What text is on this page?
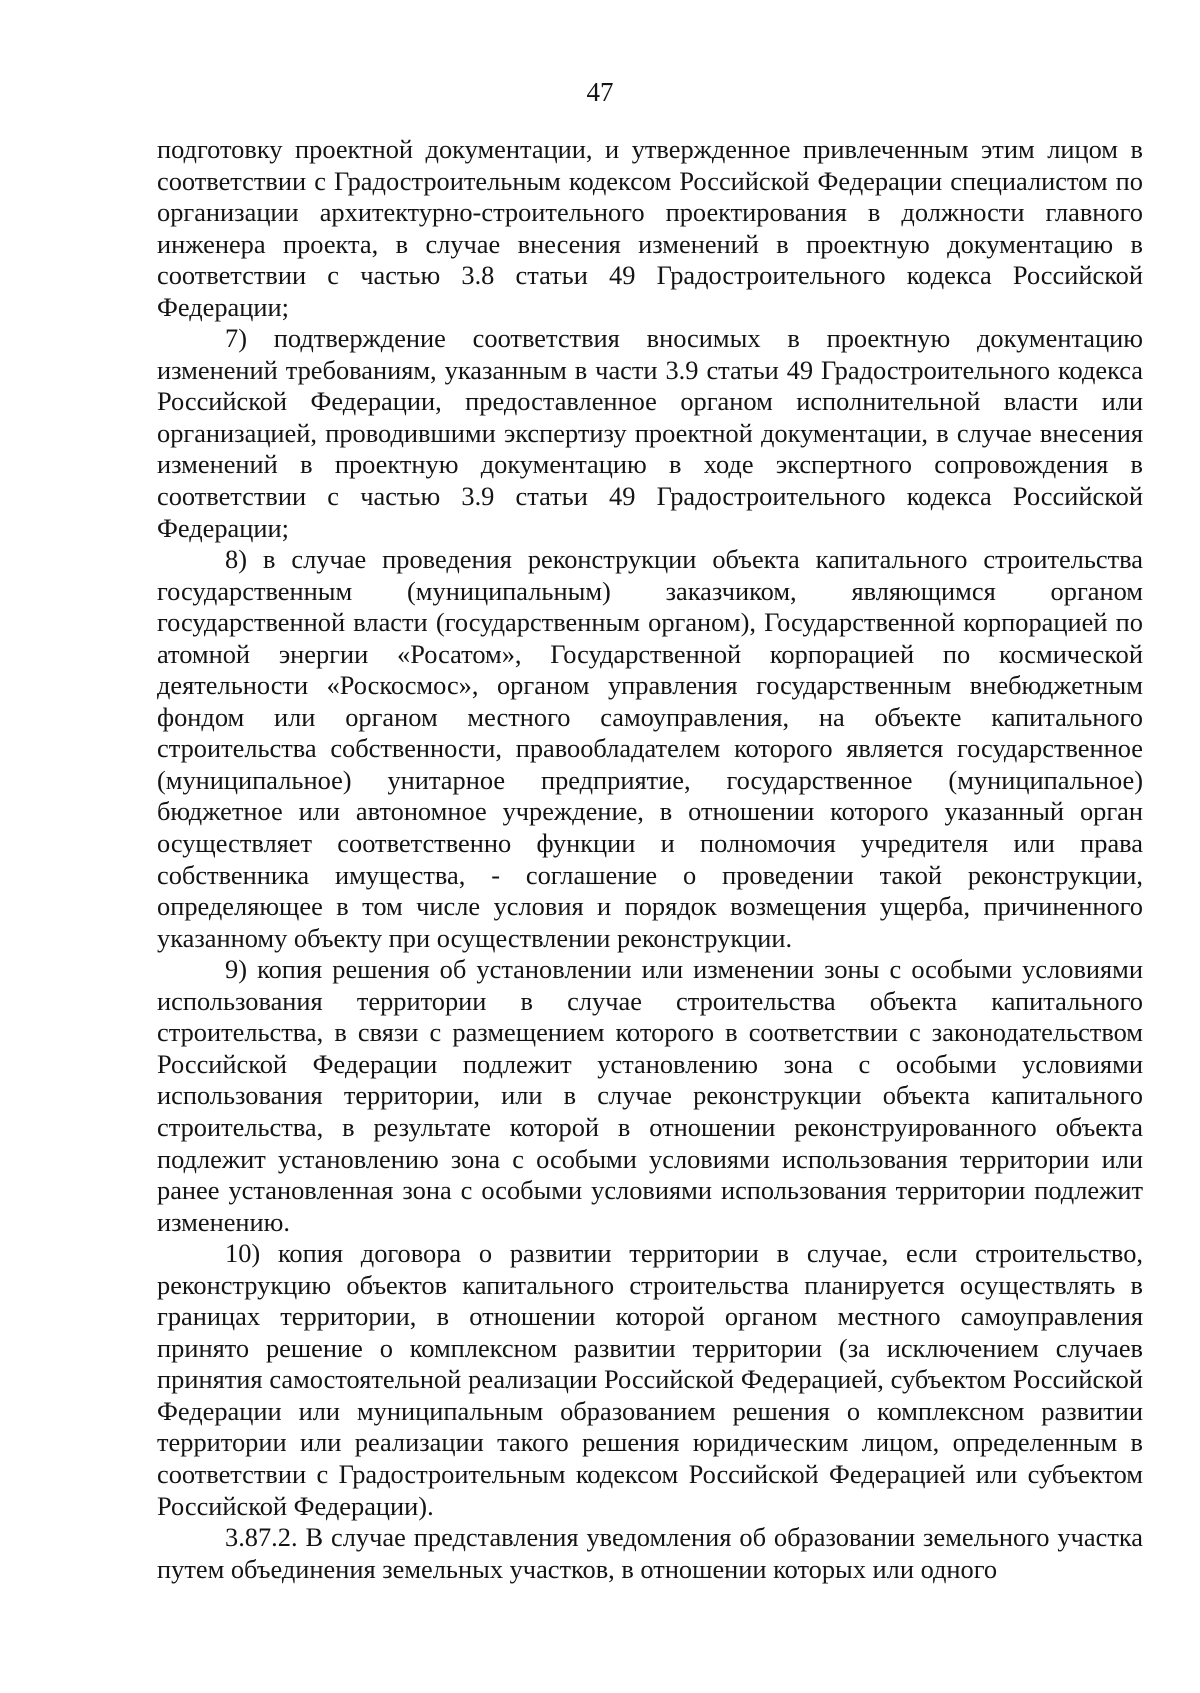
47

подготовку проектной документации, и утвержденное привлеченным этим лицом в соответствии с Градостроительным кодексом Российской Федерации специалистом по организации архитектурно-строительного проектирования в должности главного инженера проекта, в случае внесения изменений в проектную документацию в соответствии с частью 3.8 статьи 49 Градостроительного кодекса Российской Федерации;

7) подтверждение соответствия вносимых в проектную документацию изменений требованиям, указанным в части 3.9 статьи 49 Градостроительного кодекса Российской Федерации, предоставленное органом исполнительной власти или организацией, проводившими экспертизу проектной документации, в случае внесения изменений в проектную документацию в ходе экспертного сопровождения в соответствии с частью 3.9 статьи 49 Градостроительного кодекса Российской Федерации;

8) в случае проведения реконструкции объекта капитального строительства государственным (муниципальным) заказчиком, являющимся органом государственной власти (государственным органом), Государственной корпорацией по атомной энергии «Росатом», Государственной корпорацией по космической деятельности «Роскосмос», органом управления государственным внебюджетным фондом или органом местного самоуправления, на объекте капитального строительства собственности, правообладателем которого является государственное (муниципальное) унитарное предприятие, государственное (муниципальное) бюджетное или автономное учреждение, в отношении которого указанный орган осуществляет соответственно функции и полномочия учредителя или права собственника имущества, - соглашение о проведении такой реконструкции, определяющее в том числе условия и порядок возмещения ущерба, причиненного указанному объекту при осуществлении реконструкции.

9) копия решения об установлении или изменении зоны с особыми условиями использования территории в случае строительства объекта капитального строительства, в связи с размещением которого в соответствии с законодательством Российской Федерации подлежит установлению зона с особыми условиями использования территории, или в случае реконструкции объекта капитального строительства, в результате которой в отношении реконструированного объекта подлежит установлению зона с особыми условиями использования территории или ранее установленная зона с особыми условиями использования территории подлежит изменению.

10) копия договора о развитии территории в случае, если строительство, реконструкцию объектов капитального строительства планируется осуществлять в границах территории, в отношении которой органом местного самоуправления принято решение о комплексном развитии территории (за исключением случаев принятия самостоятельной реализации Российской Федерацией, субъектом Российской Федерации или муниципальным образованием решения о комплексном развитии территории или реализации такого решения юридическим лицом, определенным в соответствии с Градостроительным кодексом Российской Федерацией или субъектом Российской Федерации).

3.87.2. В случае представления уведомления об образовании земельного участка путем объединения земельных участков, в отношении которых или одного
